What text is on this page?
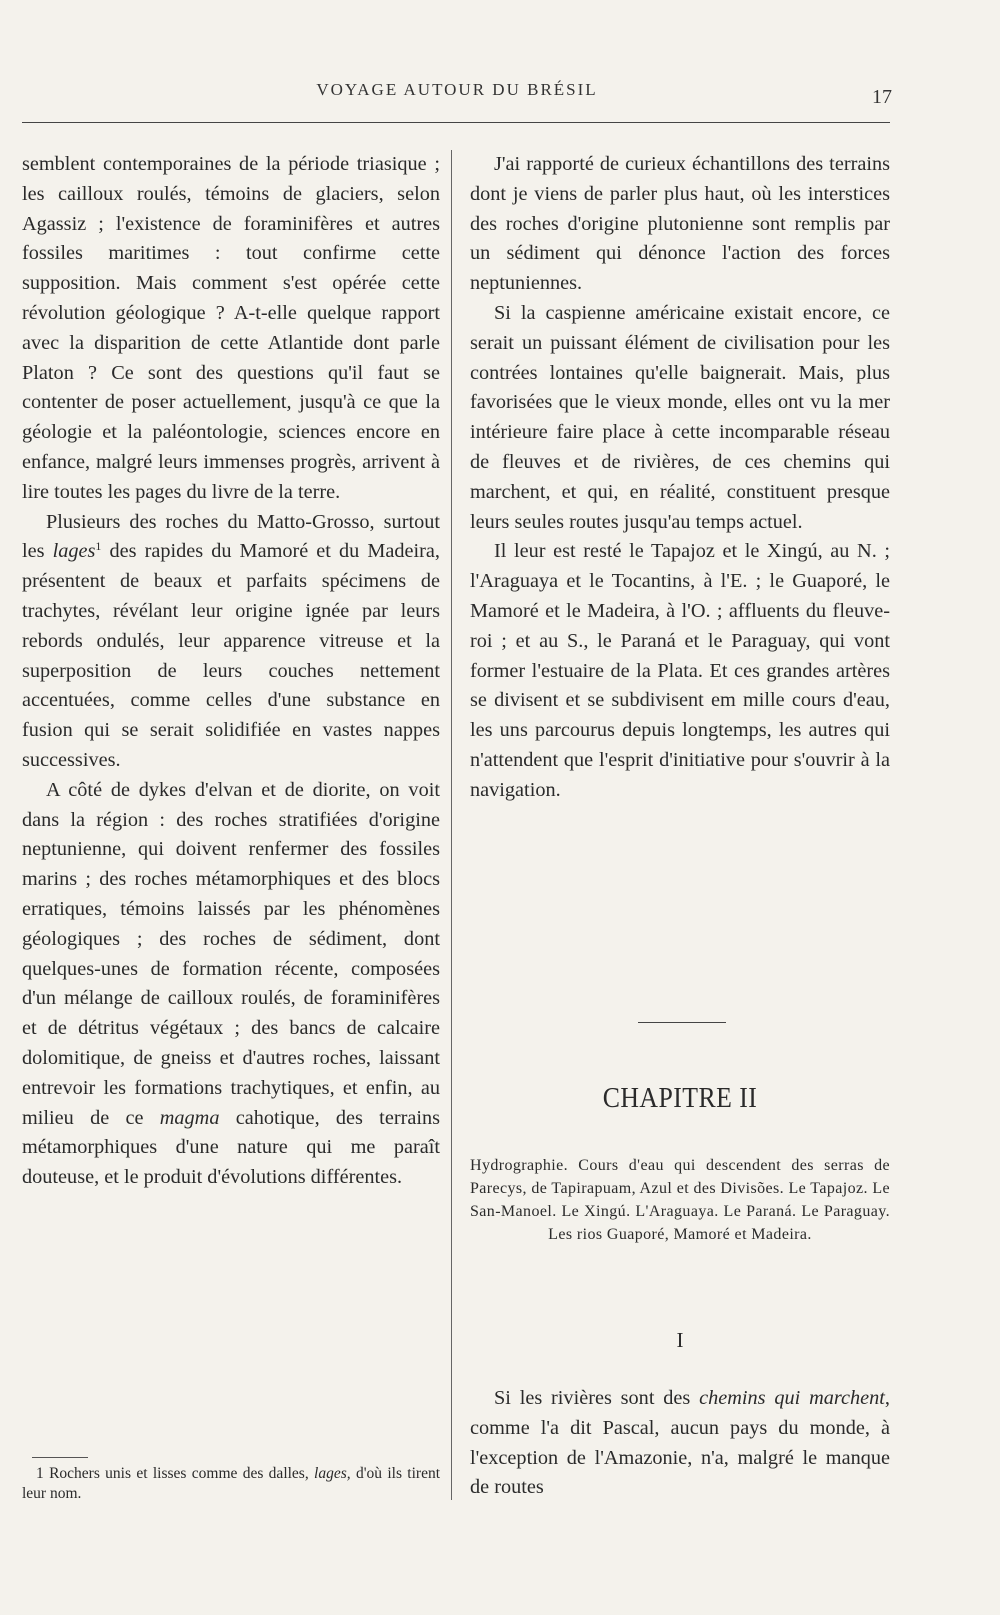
VOYAGE AUTOUR DU BRÉSIL	17

semblent contemporaines de la période triasique ; les cailloux roulés, témoins de glaciers, selon Agassiz ; l'existence de foraminifères et autres fossiles maritimes : tout confirme cette supposition. Mais comment s'est opérée cette révolution géologique ? A-t-elle quelque rapport avec la disparition de cette Atlantide dont parle Platon ? Ce sont des questions qu'il faut se contenter de poser actuellement, jusqu'à ce que la géologie et la paléontologie, sciences encore en enfance, malgré leurs immenses progrès, arrivent à lire toutes les pages du livre de la terre.

Plusieurs des roches du Matto-Grosso, surtout les lages$^1$ des rapides du Mamoré et du Madeira, présentent de beaux et parfaits spécimens de trachytes, révélant leur origine ignée par leurs rebords ondulés, leur apparence vitreuse et la superposition de leurs couches nettement accentuées, comme celles d'une substance en fusion qui se serait solidifiée en vastes nappes successives.

A côté de dykes d'elvan et de diorite, on voit dans la région : des roches stratifiées d'origine neptunienne, qui doivent renfermer des fossiles marins ; des roches métamorphiques et des blocs erratiques, témoins laissés par les phénomènes géologiques ; des roches de sédiment, dont quelques-unes de formation récente, composées d'un mélange de cailloux roulés, de foraminifères et de détritus végétaux ; des bancs de calcaire dolomitique, de gneiss et d'autres roches, laissant entrevoir les formations trachytiques, et enfin, au milieu de ce magma cahotique, des terrains métamorphiques d'une nature qui me paraît douteuse, et le produit d'évolutions différentes.

1 Rochers unis et lisses comme des dalles, lages, d'où ils tirent leur nom.

J'ai rapporté de curieux échantillons des terrains dont je viens de parler plus haut, où les interstices des roches d'origine plutonienne sont remplis par un sédiment qui dénonce l'action des forces neptuniennes.

Si la caspienne américaine existait encore, ce serait un puissant élément de civilisation pour les contrées lontaines qu'elle baignerait. Mais, plus favorisées que le vieux monde, elles ont vu la mer intérieure faire place à cette incomparable réseau de fleuves et de rivières, de ces chemins qui marchent, et qui, en réalité, constituent presque leurs seules routes jusqu'au temps actuel.

Il leur est resté le Tapajoz et le Xingú, au N. ; l'Araguaya et le Tocantins, à l'E. ; le Guaporé, le Mamoré et le Madeira, à l'O. ; affluents du fleuve-roi ; et au S., le Paraná et le Paraguay, qui vont former l'estuaire de la Plata. Et ces grandes artères se divisent et se subdivisent em mille cours d'eau, les uns parcourus depuis longtemps, les autres qui n'attendent que l'esprit d'initiative pour s'ouvrir à la navigation.

CHAPITRE II
Hydrographie. Cours d'eau qui descendent des serras de Parecys, de Tapirapuam, Azul et des Divisões. Le Tapajoz. Le San-Manoel. Le Xingú. L'Araguaya. Le Paraná. Le Paraguay. Les rios Guaporé, Mamoré et Madeira.
I

Si les rivières sont des chemins qui marchent, comme l'a dit Pascal, aucun pays du monde, à l'exception de l'Amazonie, n'a, malgré le manque de routes
